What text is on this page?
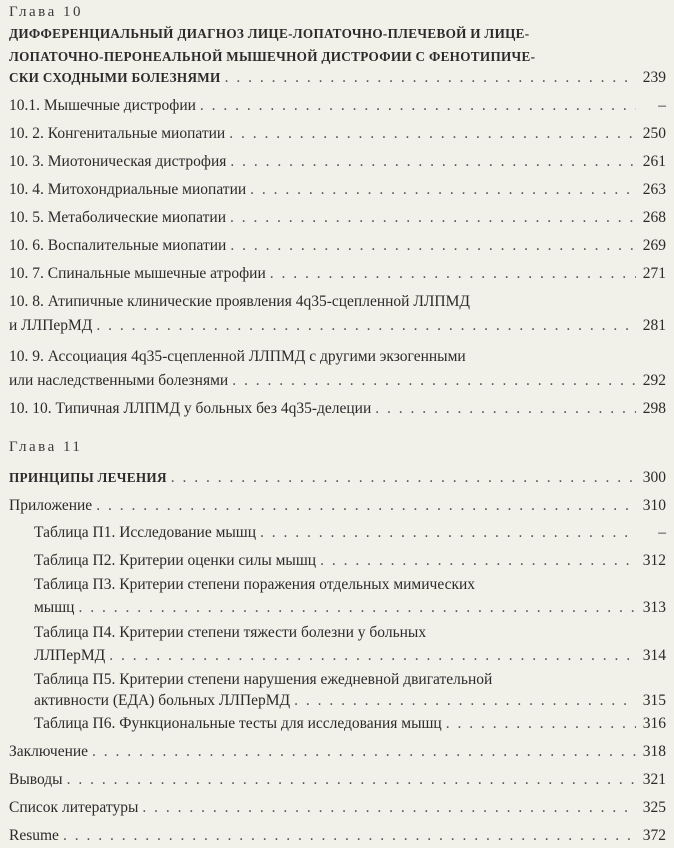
Глава 10
ДИФФЕРЕНЦИАЛЬНЫЙ ДИАГНОЗ ЛИЦЕ-ЛОПАТОЧНО-ПЛЕЧЕВОЙ И ЛИЦЕ-
ЛОПАТОЧНО-ПЕРОНЕАЛЬНОЙ МЫШЕЧНОЙ ДИСТРОФИИ С ФЕНОТИПИЧЕ-
СКИ СХОДНЫМИ БОЛЕЗНЯМИ . . .	239
10.1. Мышечные дистрофии . . .	–
10. 2. Конгенитальные миопатии . . .	250
10. 3. Миотоническая дистрофия . . .	261
10. 4. Митохондриальные миопатии . . .	263
10. 5. Метаболические миопатии . . .	268
10. 6. Воспалительные миопатии . . .	269
10. 7. Спинальные мышечные атрофии . . .	271
10. 8. Атипичные клинические проявления 4q35-сцепленной ЛЛПМД
и ЛЛПерМД . . .	281
10. 9. Ассоциация 4q35-сцепленной ЛЛПМД с другими экзогенными
или наследственными болезнями . . .	292
10. 10. Типичная ЛЛПМД у больных без 4q35-делеции . . .	298
Глава 11
ПРИНЦИПЫ ЛЕЧЕНИЯ . . .	300
Приложение . . .	310
Таблица П1. Исследование мышц . . .	–
Таблица П2. Критерии оценки силы мышц . . .	312
Таблица П3. Критерии степени поражения отдельных мимических
мышц . . .	313
Таблица П4. Критерии степени тяжести болезни у больных
ЛЛПерМД . . .	314
Таблица П5. Критерии степени нарушения ежедневной двигательной
активности (ЕДА) больных ЛЛПерМД . . .	315
Таблица П6. Функциональные тесты для исследования мышц . . .	316
Заключение . . .	318
Выводы . . .	321
Список литературы . . .	325
Resume . . .	372
